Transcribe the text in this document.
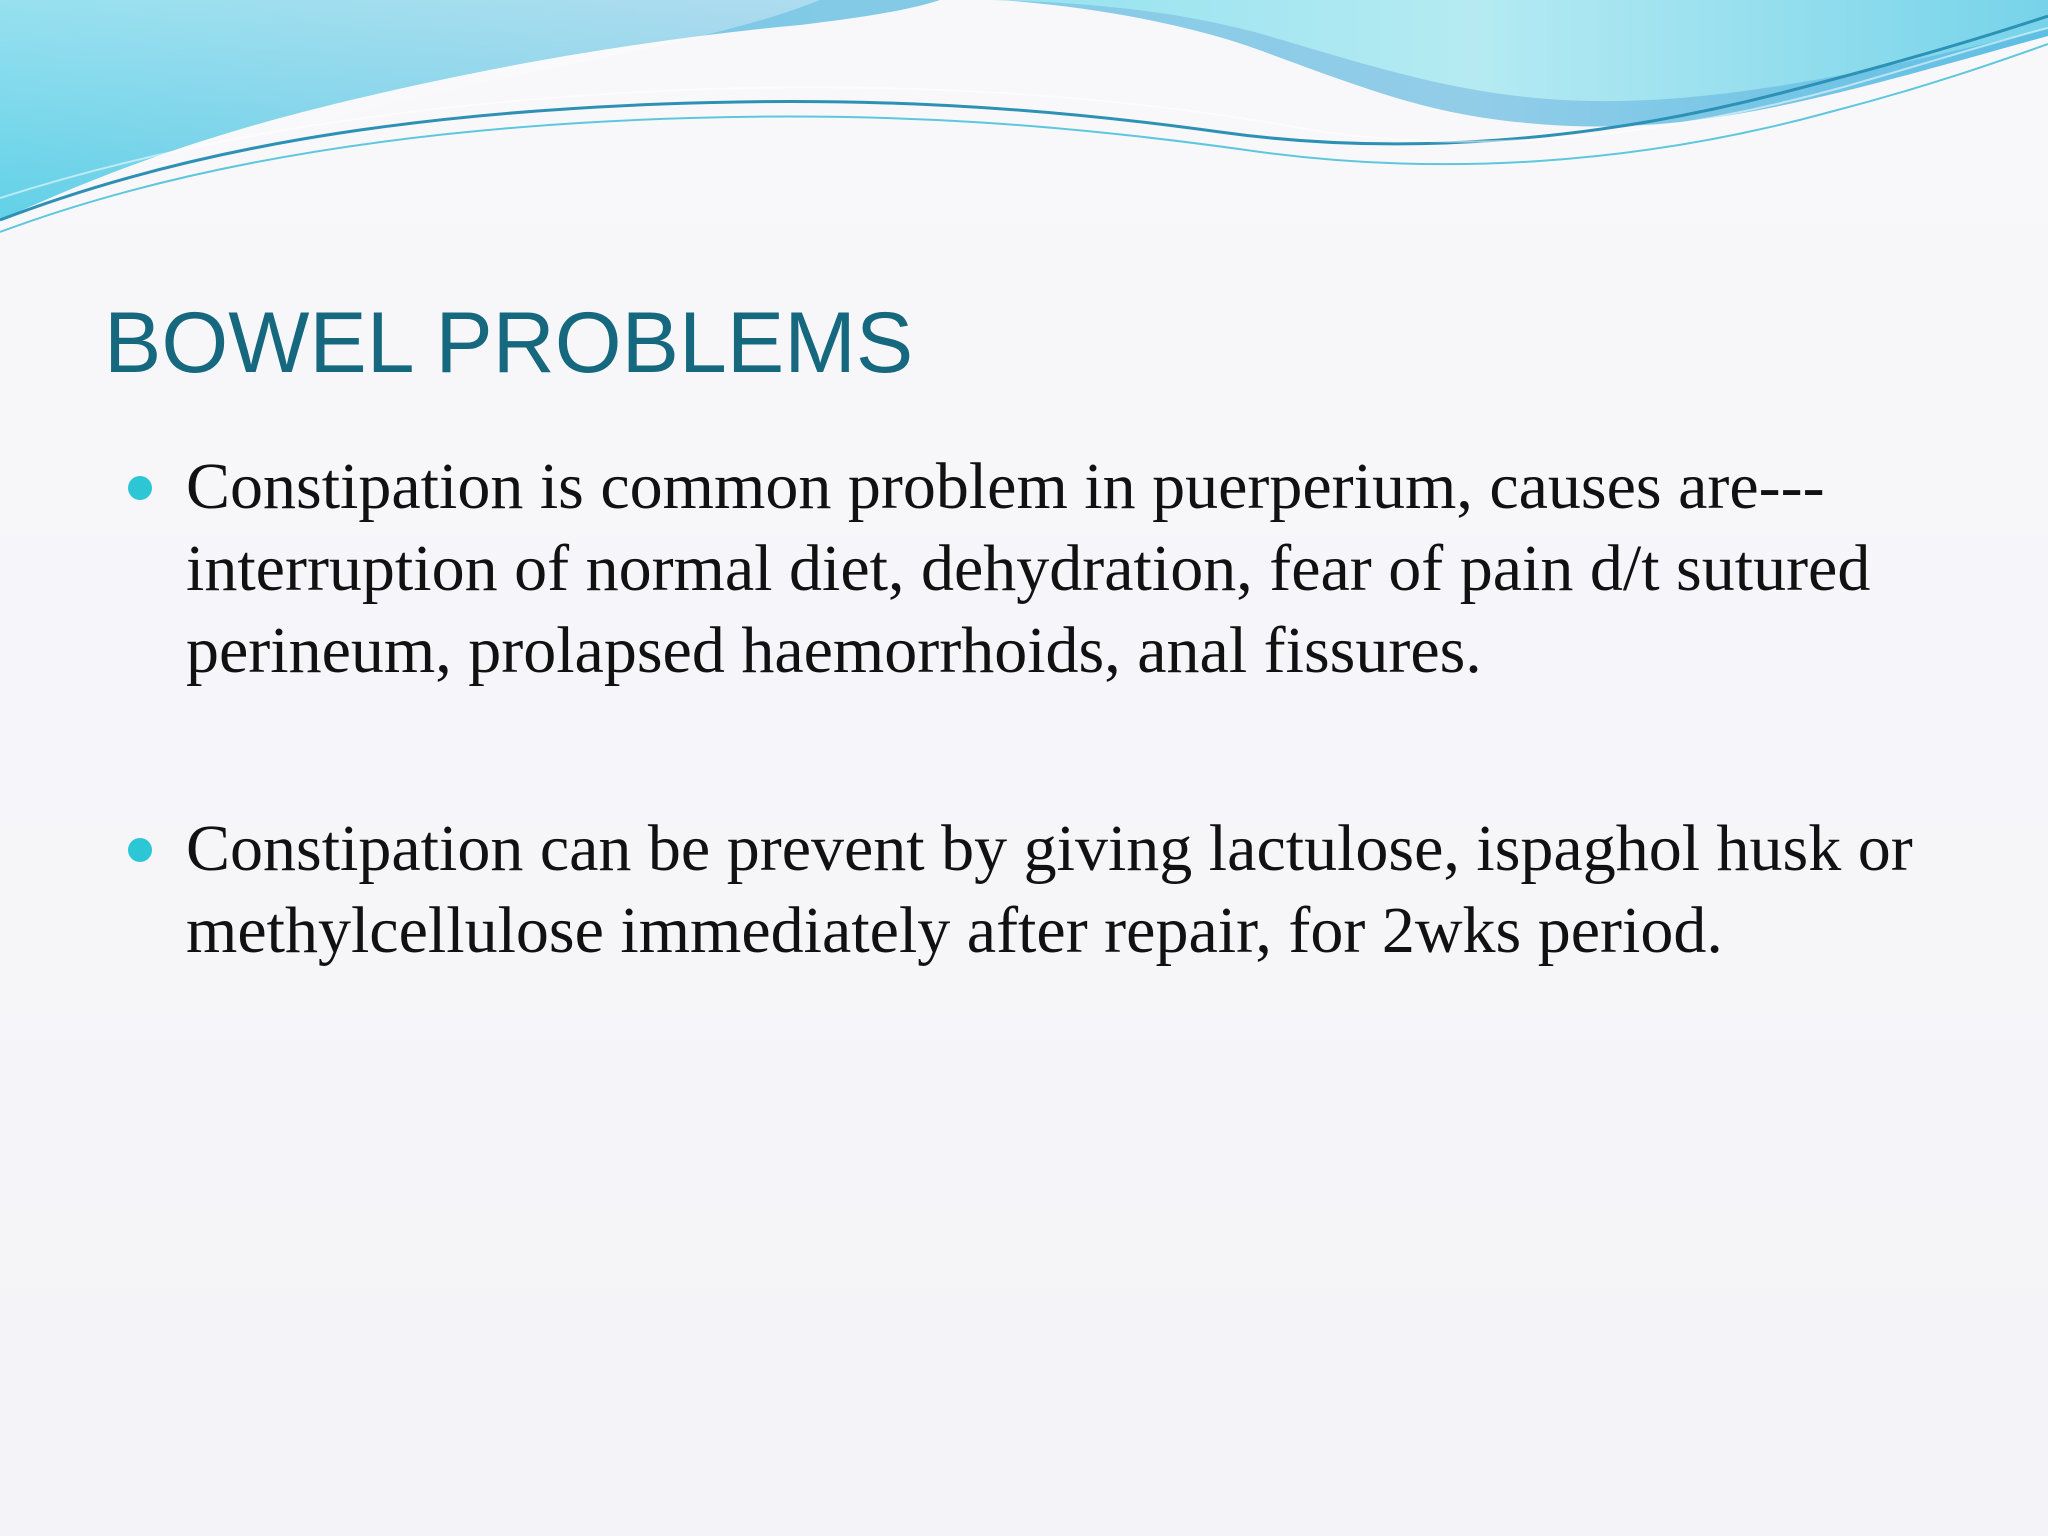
BOWEL PROBLEMS
Constipation is common problem in puerperium, causes are---interruption of normal diet, dehydration, fear of pain d/t sutured perineum, prolapsed haemorrhoids, anal fissures.
Constipation can be prevent by giving lactulose, ispaghol husk or methylcellulose immediately after repair, for 2wks period.
